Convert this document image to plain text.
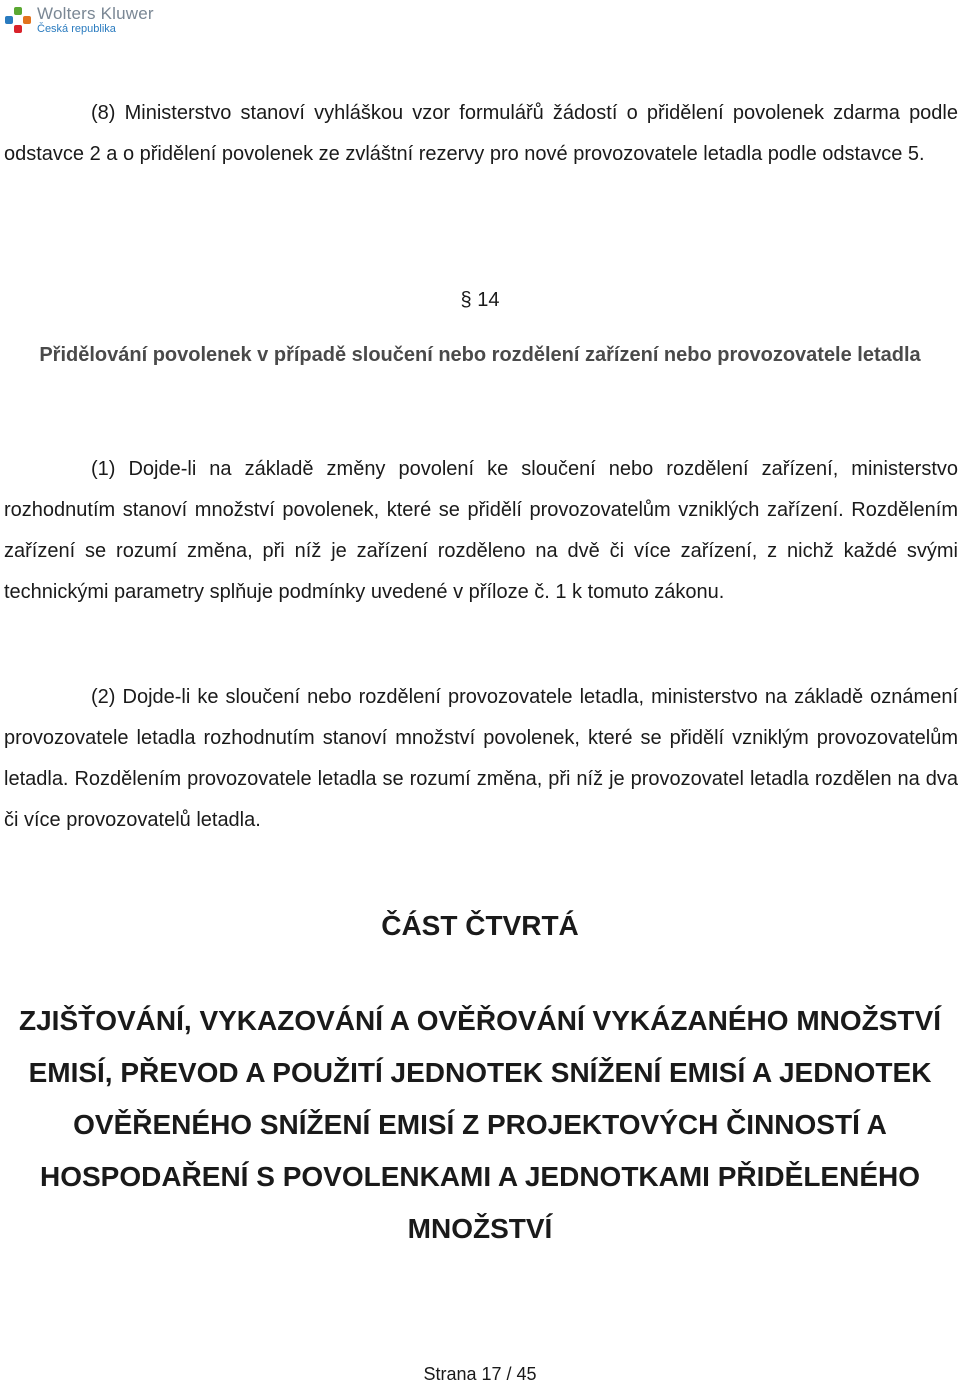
Wolters Kluwer
Česká republika

(8) Ministerstvo stanoví vyhláškou vzor formulářů žádostí o přidělení povolenek zdarma podle odstavce 2 a o přidělení povolenek ze zvláštní rezervy pro nové provozovatele letadla podle odstavce 5.

§ 14

Přidělování povolenek v případě sloučení nebo rozdělení zařízení nebo provozovatele letadla

(1) Dojde-li na základě změny povolení ke sloučení nebo rozdělení zařízení, ministerstvo rozhodnutím stanoví množství povolenek, které se přidělí provozovatelům vzniklých zařízení. Rozdělením zařízení se rozumí změna, při níž je zařízení rozděleno na dvě či více zařízení, z nichž každé svými technickými parametry splňuje podmínky uvedené v příloze č. 1 k tomuto zákonu.

(2) Dojde-li ke sloučení nebo rozdělení provozovatele letadla, ministerstvo na základě oznámení provozovatele letadla rozhodnutím stanoví množství povolenek, které se přidělí vzniklým provozovatelům letadla. Rozdělením provozovatele letadla se rozumí změna, při níž je provozovatel letadla rozdělen na dva či více provozovatelů letadla.

ČÁST ČTVRTÁ

ZJIŠŤOVÁNÍ, VYKAZOVÁNÍ A OVĚŘOVÁNÍ VYKÁZANÉHO MNOŽSTVÍ EMISÍ, PŘEVOD A POUŽITÍ JEDNOTEK SNÍŽENÍ EMISÍ A JEDNOTEK OVĚŘENÉHO SNÍŽENÍ EMISÍ Z PROJEKTOVÝCH ČINNOSTÍ A HOSPODAŘENÍ S POVOLENKAMI A JEDNOTKAMI PŘIDĚLENÉHO MNOŽSTVÍ

Strana 17 / 45
